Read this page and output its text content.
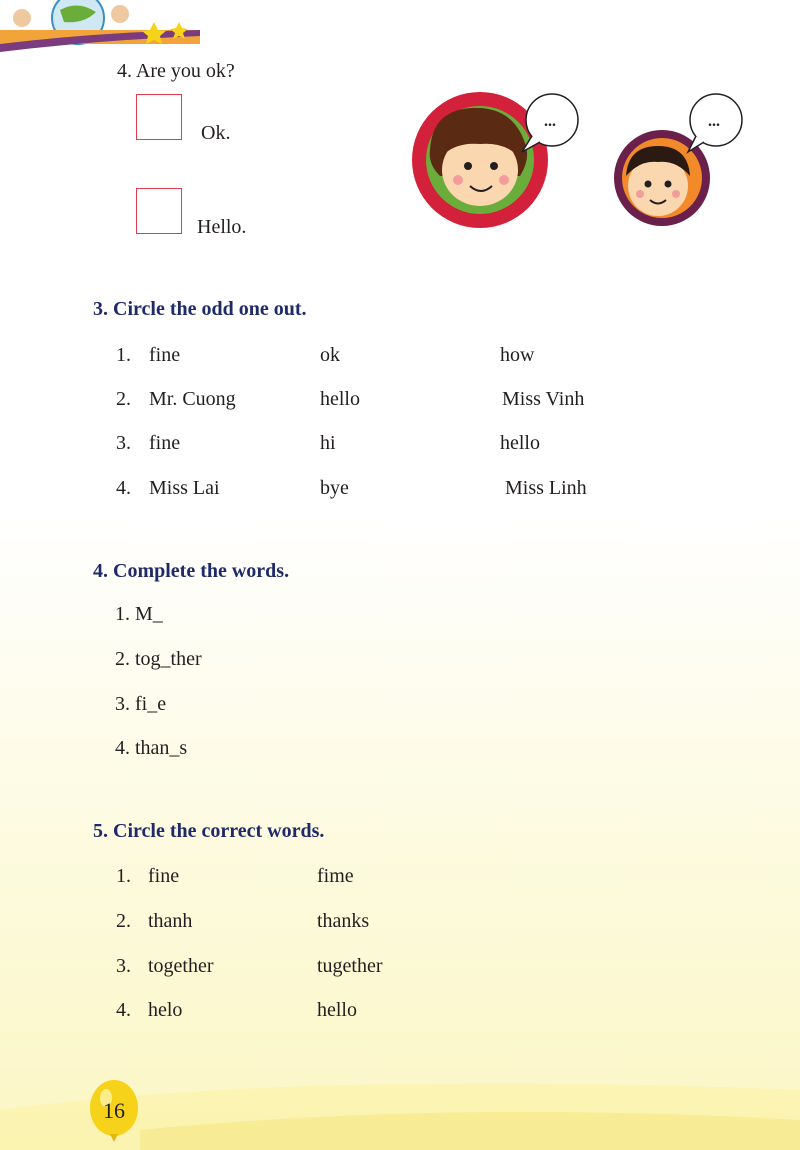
4. Are you ok?
Ok.
Hello.
...	...
3. Circle the odd one out.
1. fine	ok	how
2. Mr. Cuong	hello	Miss Vinh
3. fine	hi	hello
4. Miss Lai	bye	Miss Linh
4. Complete the words.
1. M_
2. tog_ther
3. fi_e
4. than_s
5. Circle the correct words.
1. fine	fime
2. thanh	thanks
3. together	tugether
4. helo	hello
16
